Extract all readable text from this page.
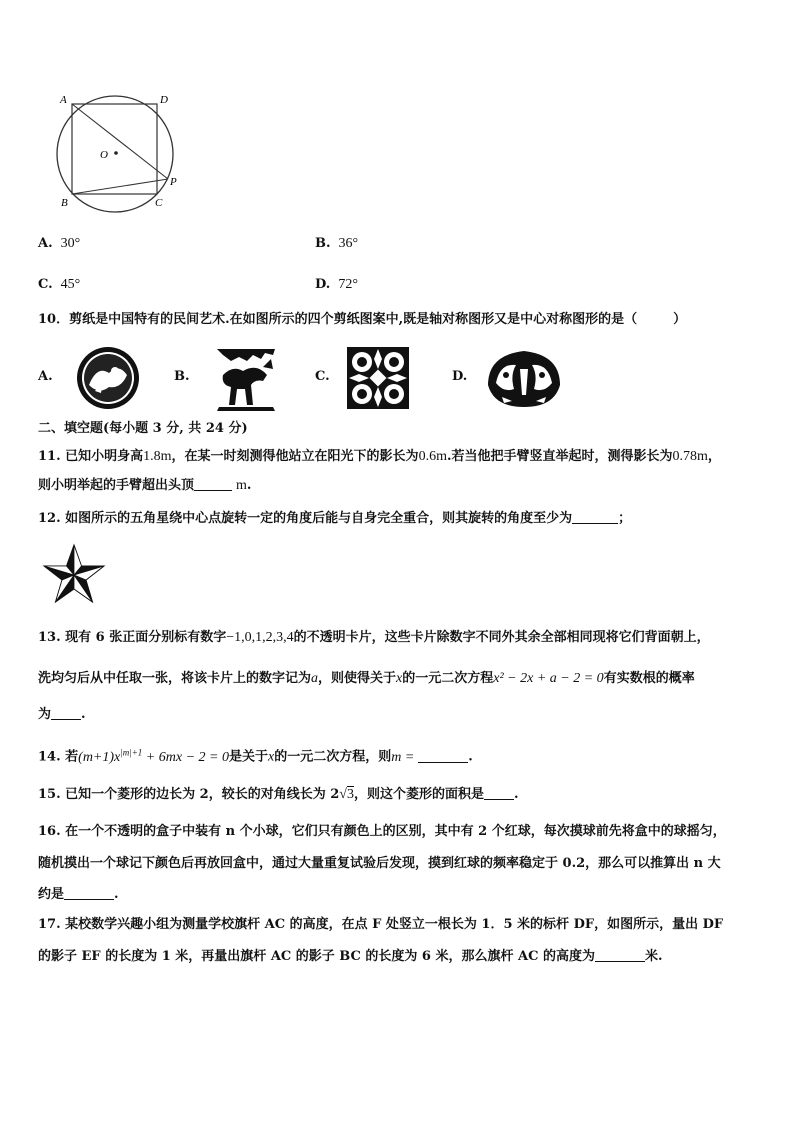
A	D
O
P
B	C
A. 30°	B. 36°
C. 45°	D. 72°
10．剪纸是中国特有的民间艺术.在如图所示的四个剪纸图案中,既是轴对称图形又是中心对称图形的是（	）
A.	B.	C.	D.
二、填空题(每小题 3 分, 共 24 分)
11. 已知小明身高1.8m，在某一时刻测得他站立在阳光下的影长为0.6m.若当他把手臂竖直举起时，测得影长为0.78m，
则小明举起的手臂超出头顶	m.
12. 如图所示的五角星绕中心点旋转一定的角度后能与自身完全重合，则其旋转的角度至少为	；
13. 现有 6 张正面分别标有数字−1,0,1,2,3,4的不透明卡片，这些卡片除数字不同外其余全部相同现将它们背面朝上，
洗均匀后从中任取一张，将该卡片上的数字记为a，则使得关于x的一元二次方程x² − 2x + a − 2 = 0有实数根的概率
为 .
14. 若$(m+1)x^{|m|+1} + 6mx - 2 = 0$是关于x的一元二次方程，则m =	.
15. 已知一个菱形的边长为 2，较长的对角线长为 2√3，则这个菱形的面积是 .
16. 在一个不透明的盒子中装有 n 个小球，它们只有颜色上的区别，其中有 2 个红球，每次摸球前先将盒中的球摇匀，
随机摸出一个球记下颜色后再放回盒中，通过大量重复试验后发现，摸到红球的频率稳定于 0.2，那么可以推算出 n 大
约是	.
17. 某校数学兴趣小组为测量学校旗杆 AC 的高度，在点 F 处竖立一根长为 1．5 米的标杆 DF，如图所示，量出 DF
的影子 EF 的长度为 1 米，再量出旗杆 AC 的影子 BC 的长度为 6 米，那么旗杆 AC 的高度为	米.
